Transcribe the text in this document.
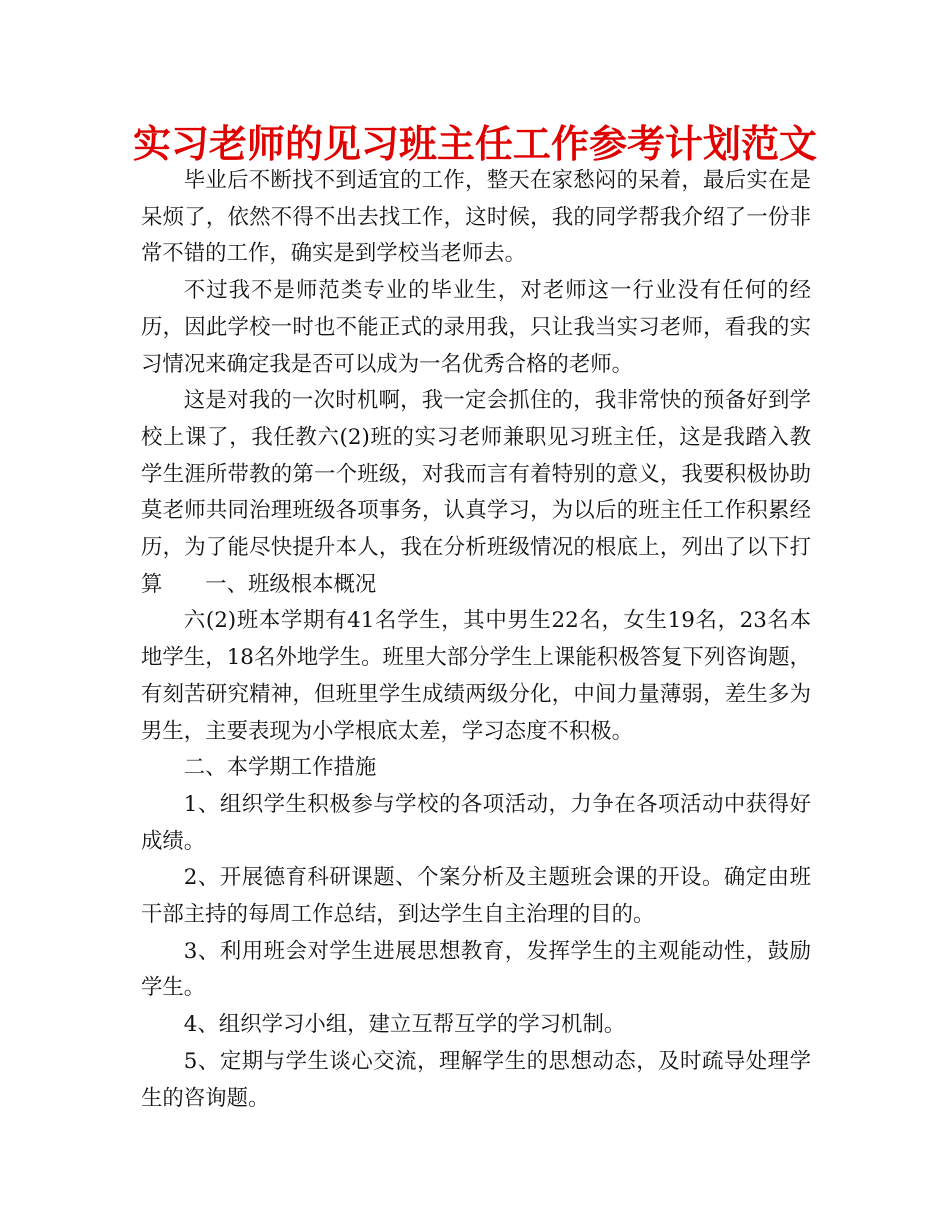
实习老师的见习班主任工作参考计划范文

毕业后不断找不到适宜的工作，整天在家愁闷的呆着，最后实在是呆烦了，依然不得不出去找工作，这时候，我的同学帮我介绍了一份非常不错的工作，确实是到学校当老师去。

不过我不是师范类专业的毕业生，对老师这一行业没有任何的经历，因此学校一时也不能正式的录用我，只让我当实习老师，看我的实习情况来确定我是否可以成为一名优秀合格的老师。

这是对我的一次时机啊，我一定会抓住的，我非常快的预备好到学校上课了，我任教六(2)班的实习老师兼职见习班主任，这是我踏入教学生涯所带教的第一个班级，对我而言有着特别的意义，我要积极协助莫老师共同治理班级各项事务，认真学习，为以后的班主任工作积累经历，为了能尽快提升本人，我在分析班级情况的根底上，列出了以下打算　　一、班级根本概况

六(2)班本学期有41名学生，其中男生22名，女生19名，23名本地学生，18名外地学生。班里大部分学生上课能积极答复下列咨询题，有刻苦研究精神，但班里学生成绩两级分化，中间力量薄弱，差生多为男生，主要表现为小学根底太差，学习态度不积极。

二、本学期工作措施

1、组织学生积极参与学校的各项活动，力争在各项活动中获得好成绩。

2、开展德育科研课题、个案分析及主题班会课的开设。确定由班干部主持的每周工作总结，到达学生自主治理的目的。

3、利用班会对学生进展思想教育，发挥学生的主观能动性，鼓励学生。

4、组织学习小组，建立互帮互学的学习机制。

5、定期与学生谈心交流，理解学生的思想动态，及时疏导处理学生的咨询题。
